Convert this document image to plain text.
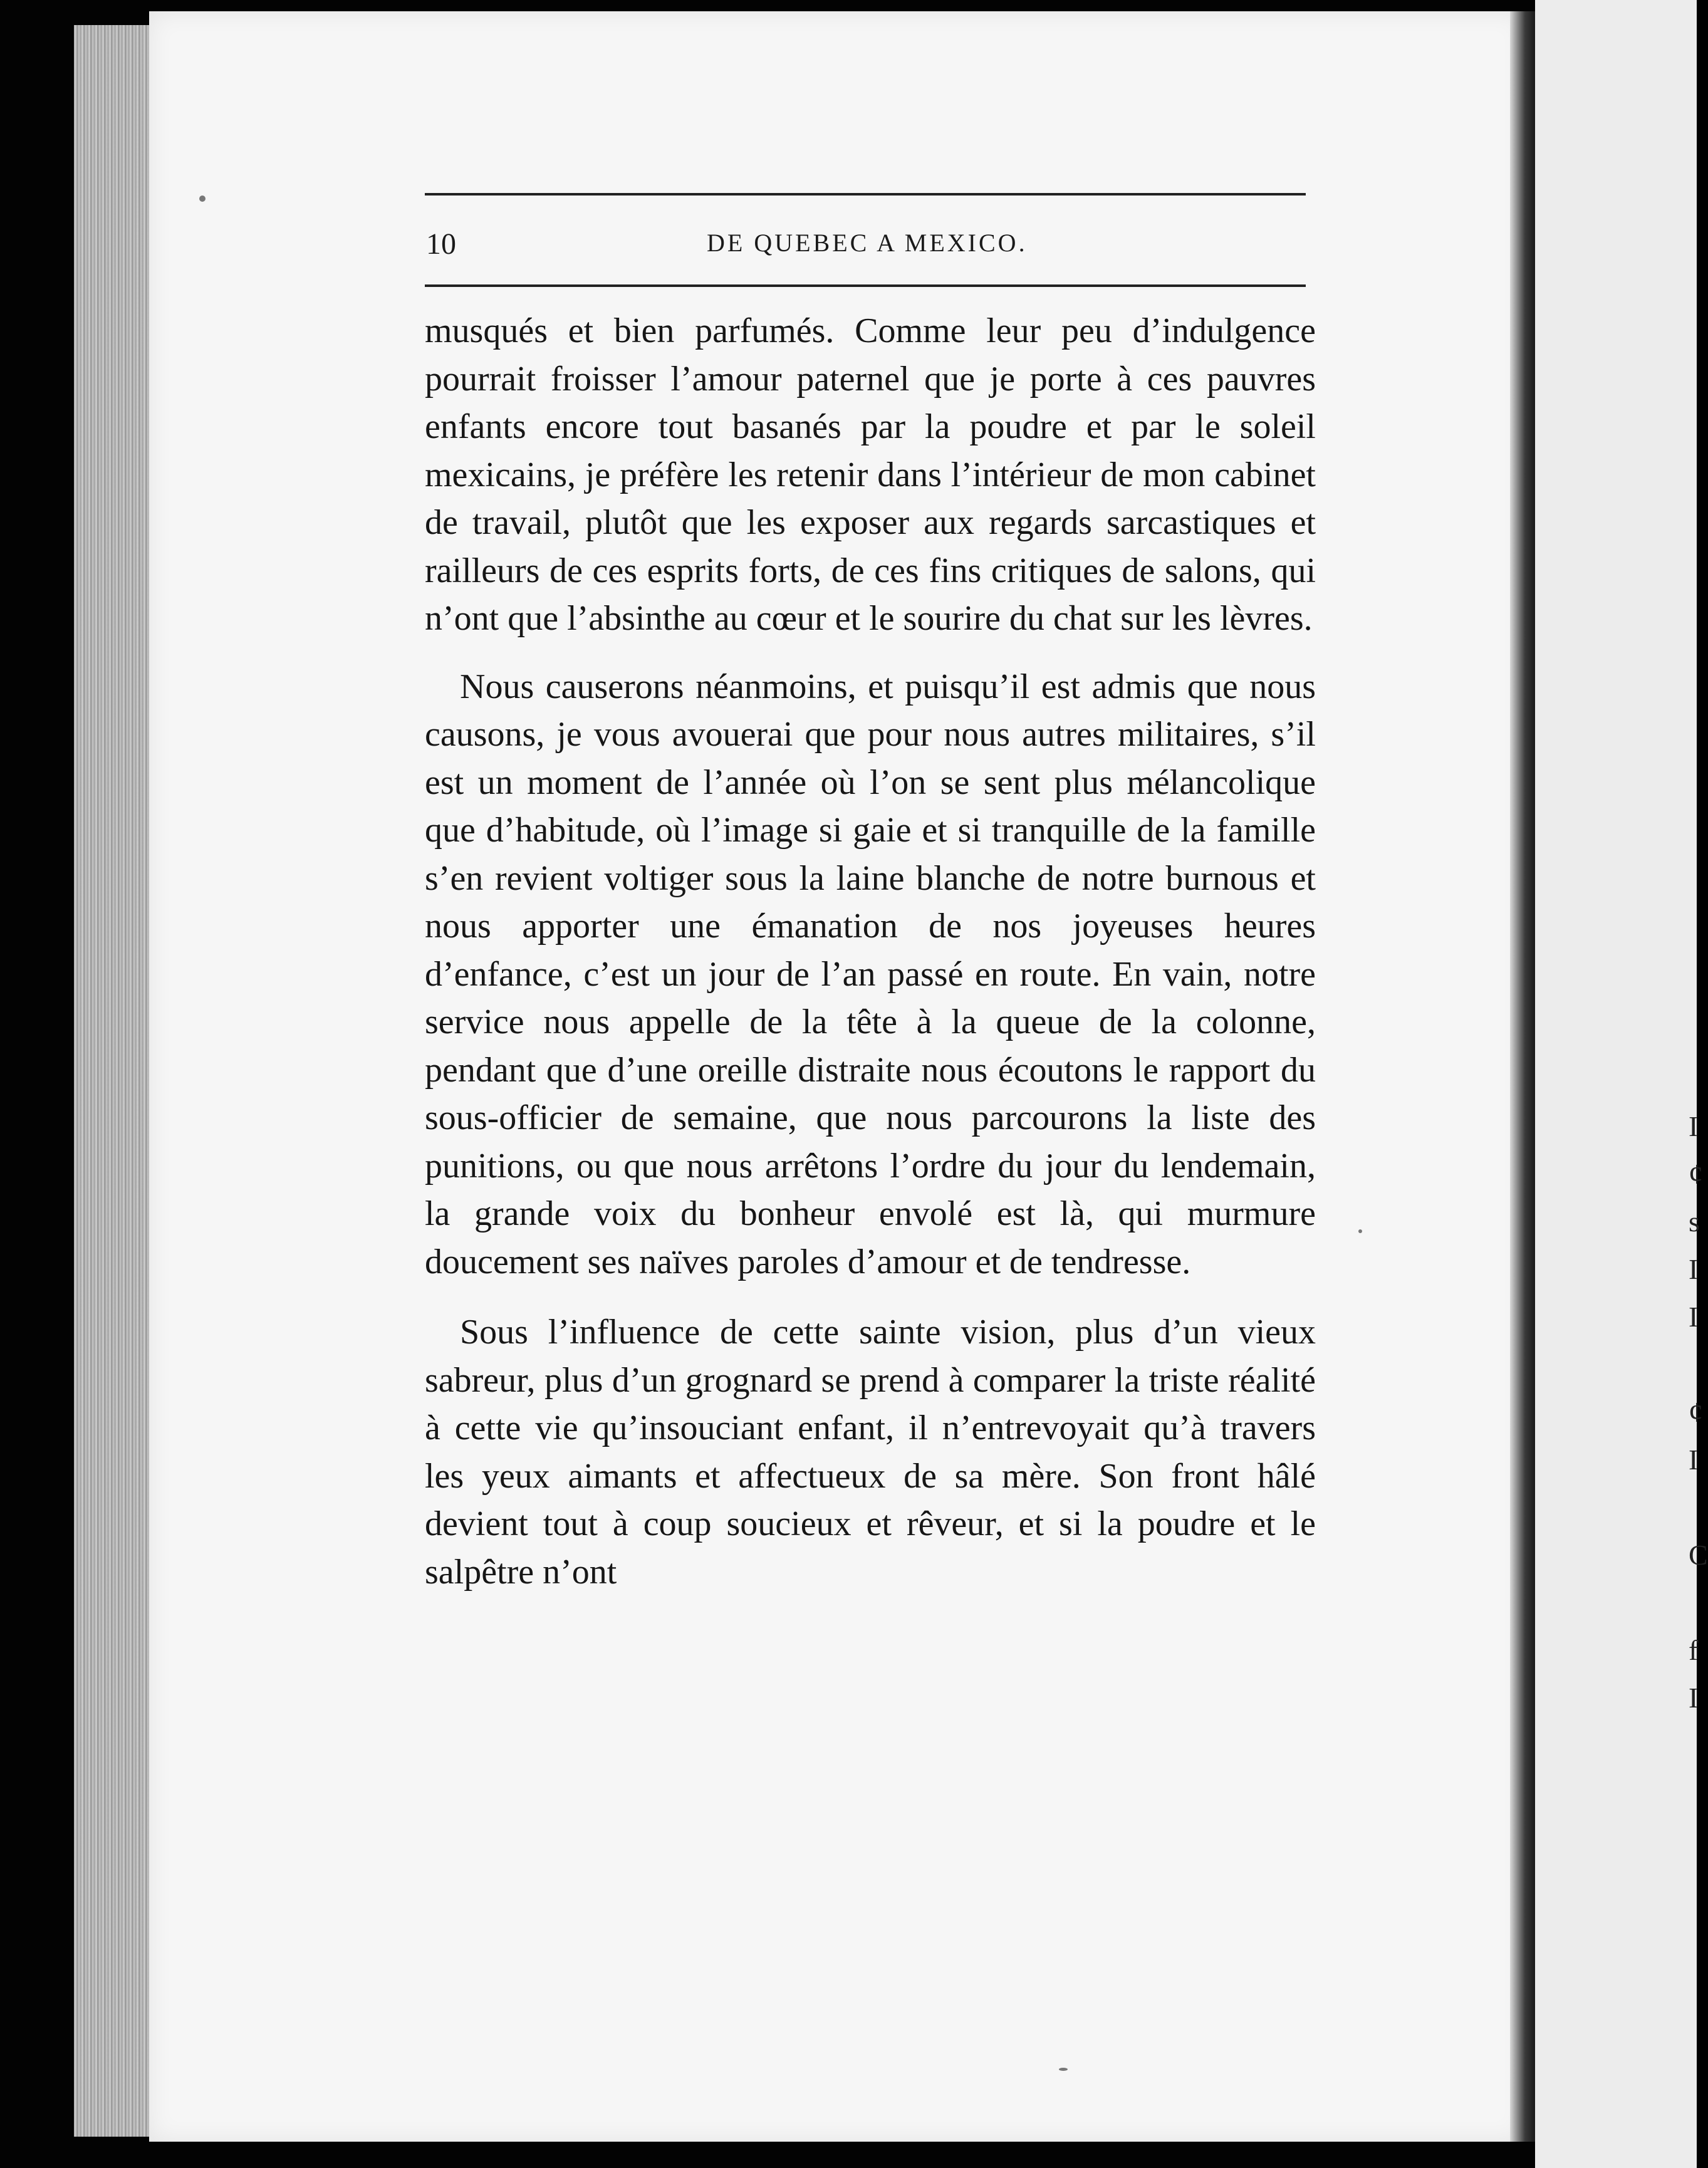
I
¢
s
I
I

¢
I

C

f
I
10	DE QUEBEC A MEXICO.

musqués et bien parfumés. Comme leur peu d’indulgence pourrait froisser l’amour paternel que je porte à ces pauvres enfants encore tout basanés par la poudre et par le soleil mexicains, je préfère les retenir dans l’intérieur de mon cabinet de travail, plutôt que les exposer aux regards sarcastiques et railleurs de ces esprits forts, de ces fins critiques de salons, qui n’ont que l’absinthe au cœur et le sourire du chat sur les lèvres.

Nous causerons néanmoins, et puisqu’il est admis que nous causons, je vous avouerai que pour nous autres militaires, s’il est un moment de l’année où l’on se sent plus mélancolique que d’habitude, où l’image si gaie et si tranquille de la famille s’en revient voltiger sous la laine blanche de notre burnous et nous apporter une émanation de nos joyeuses heures d’enfance, c’est un jour de l’an passé en route. En vain, notre service nous appelle de la tête à la queue de la colonne, pendant que d’une oreille distraite nous écoutons le rapport du sous-officier de semaine, que nous parcourons la liste des punitions, ou que nous arrêtons l’ordre du jour du lendemain, la grande voix du bonheur envolé est là, qui murmure doucement ses naïves paroles d’amour et de tendresse.

Sous l’influence de cette sainte vision, plus d’un vieux sabreur, plus d’un grognard se prend à comparer la triste réalité à cette vie qu’insouciant enfant, il n’entrevoyait qu’à travers les yeux aimants et affectueux de sa mère. Son front hâlé devient tout à coup soucieux et rêveur, et si la poudre et le salpêtre n’ont
